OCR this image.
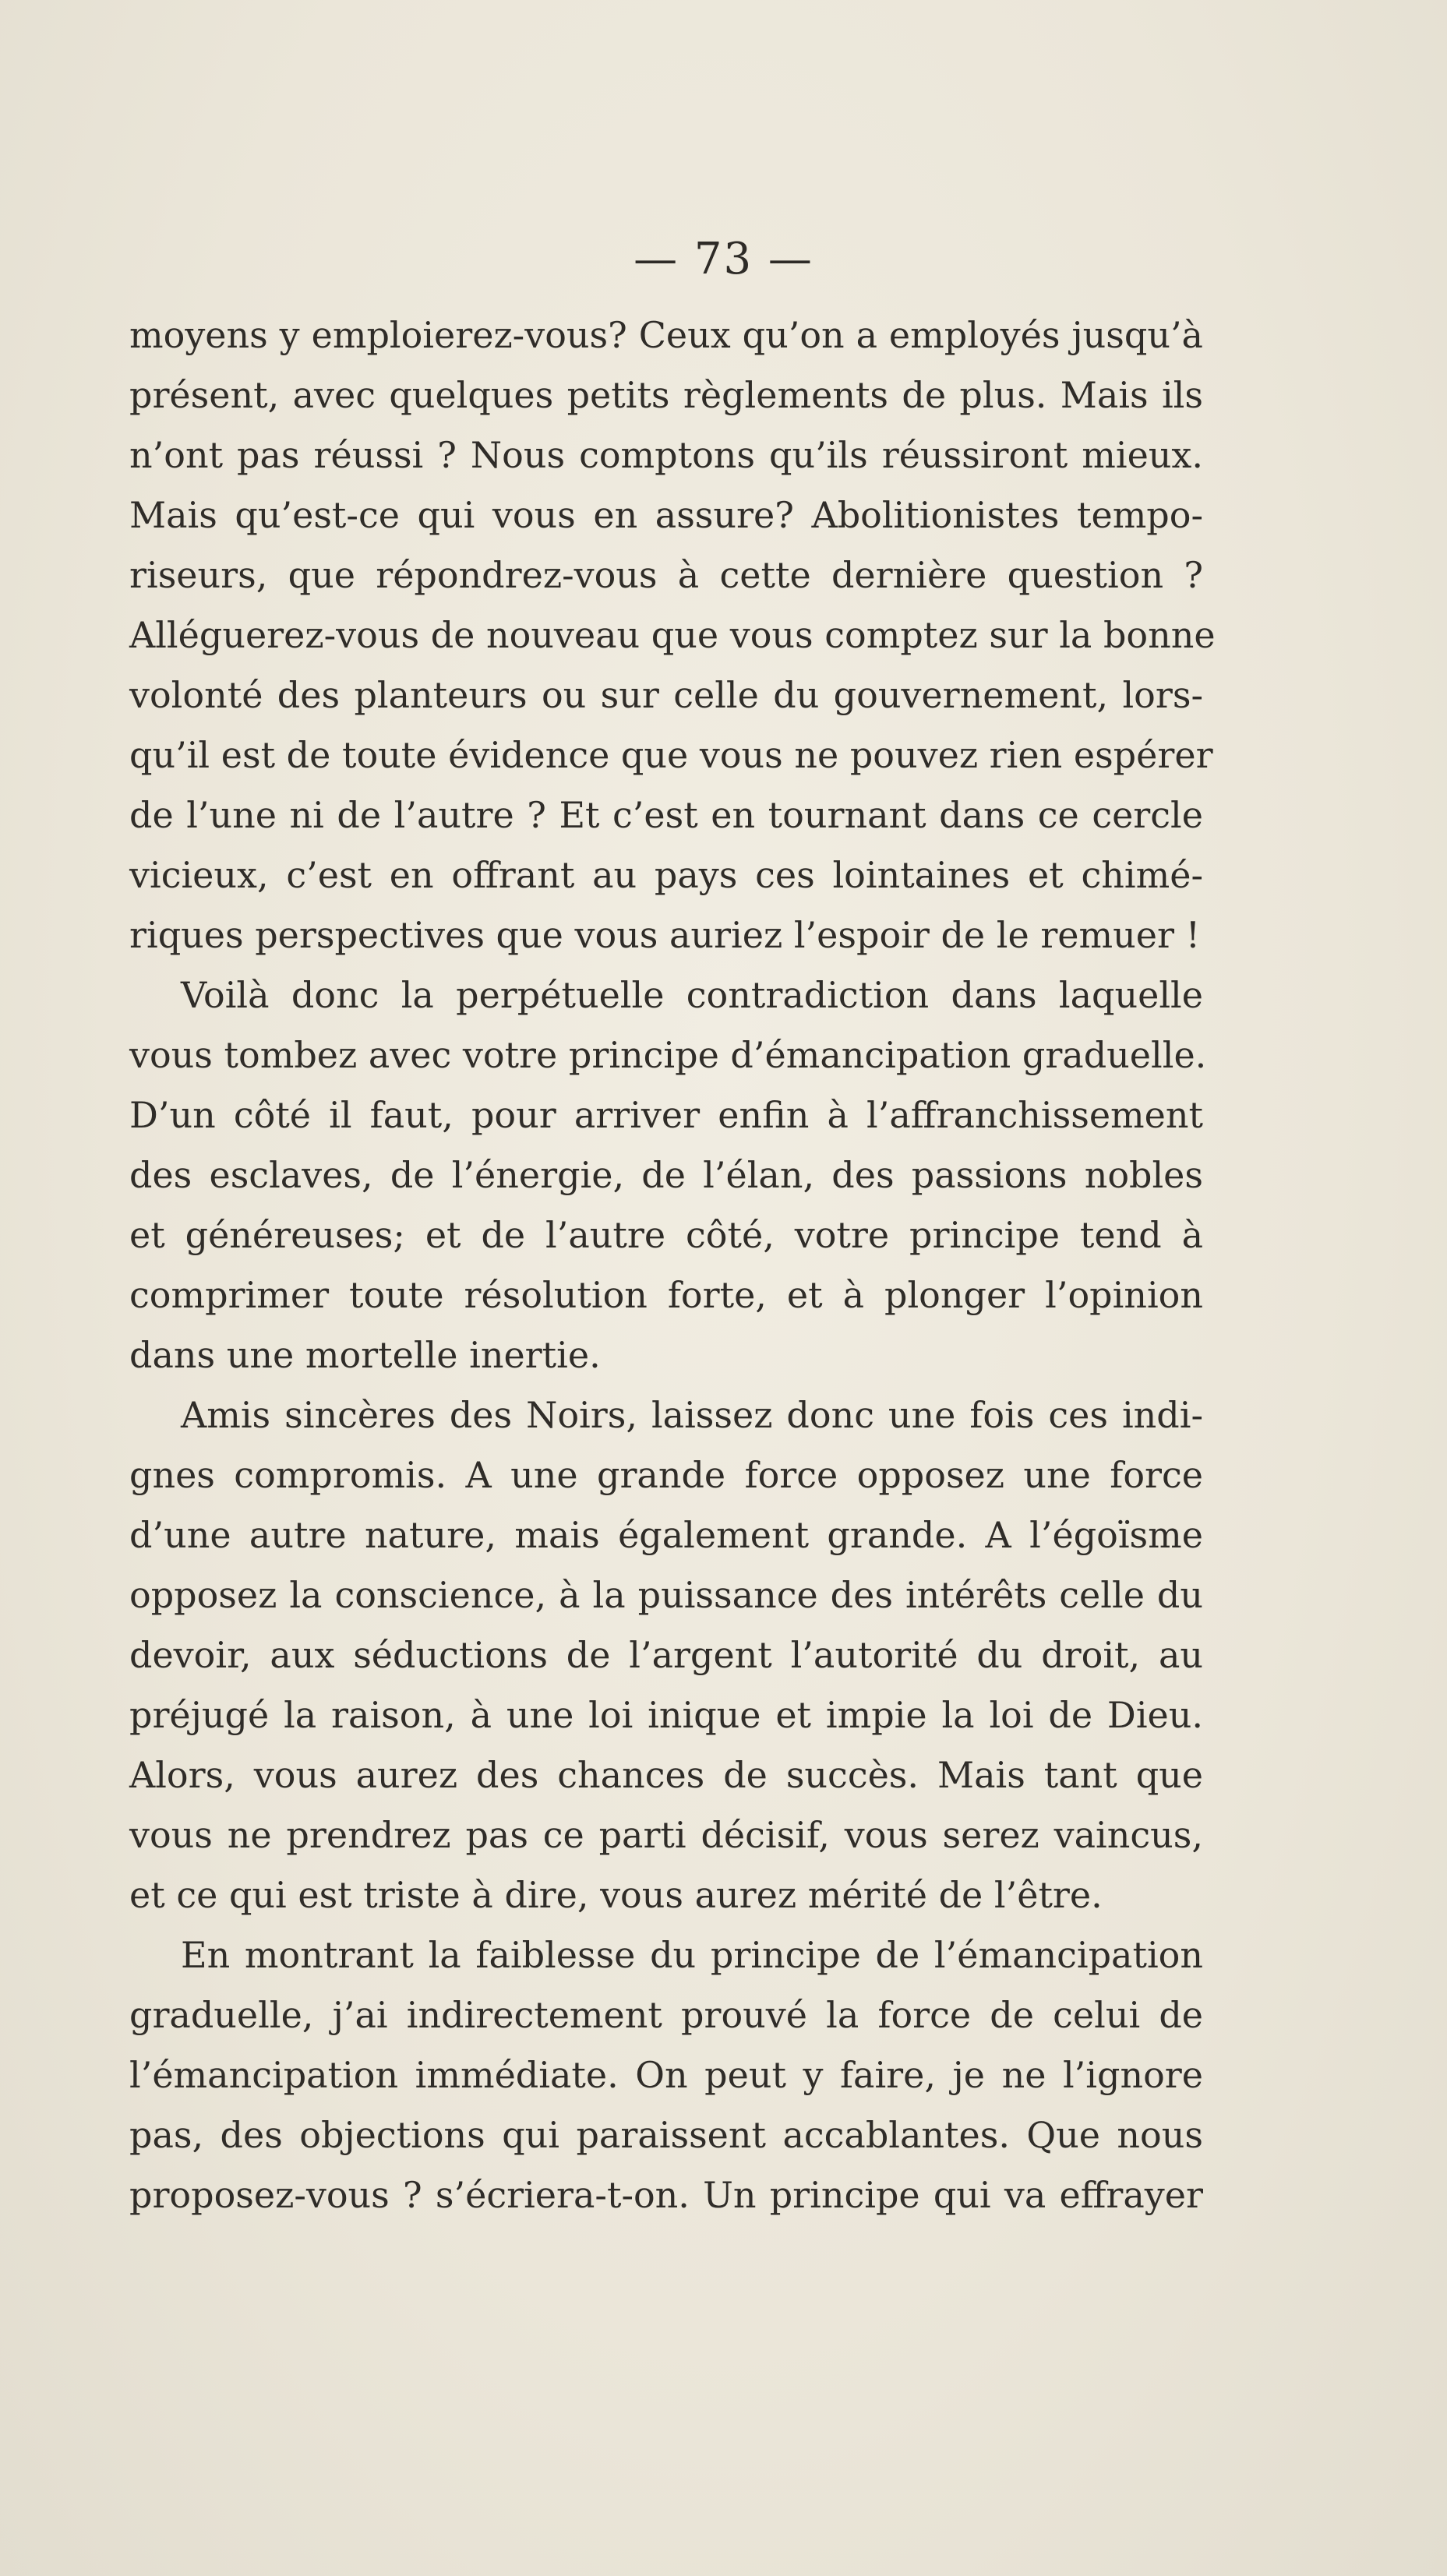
— 73 —
moyens y emploierez-vous? Ceux qu’on a employés jusqu’à
présent, avec quelques petits règlements de plus. Mais ils
n’ont pas réussi ? Nous comptons qu’ils réussiront mieux.
Mais qu’est-ce qui vous en assure? Abolitionistes tempo-
riseurs, que répondrez-vous à cette dernière question ?
Alléguerez-vous de nouveau que vous comptez sur la bonne
volonté des planteurs ou sur celle du gouvernement, lors-
qu’il est de toute évidence que vous ne pouvez rien espérer
de l’une ni de l’autre ? Et c’est en tournant dans ce cercle
vicieux, c’est en offrant au pays ces lointaines et chimé-
riques perspectives que vous auriez l’espoir de le remuer !
Voilà donc la perpétuelle contradiction dans laquelle
vous tombez avec votre principe d’émancipation graduelle.
D’un côté il faut, pour arriver enfin à l’affranchissement
des esclaves, de l’énergie, de l’élan, des passions nobles
et généreuses; et de l’autre côté, votre principe tend à
comprimer toute résolution forte, et à plonger l’opinion
dans une mortelle inertie.
Amis sincères des Noirs, laissez donc une fois ces indi-
gnes compromis. A une grande force opposez une force
d’une autre nature, mais également grande. A l’égoïsme
opposez la conscience, à la puissance des intérêts celle du
devoir, aux séductions de l’argent l’autorité du droit, au
préjugé la raison, à une loi inique et impie la loi de Dieu.
Alors, vous aurez des chances de succès. Mais tant que
vous ne prendrez pas ce parti décisif, vous serez vaincus,
et ce qui est triste à dire, vous aurez mérité de l’être.
En montrant la faiblesse du principe de l’émancipation
graduelle, j’ai indirectement prouvé la force de celui de
l’émancipation immédiate. On peut y faire, je ne l’ignore
pas, des objections qui paraissent accablantes. Que nous
proposez-vous ? s’écriera-t-on. Un principe qui va effrayer
